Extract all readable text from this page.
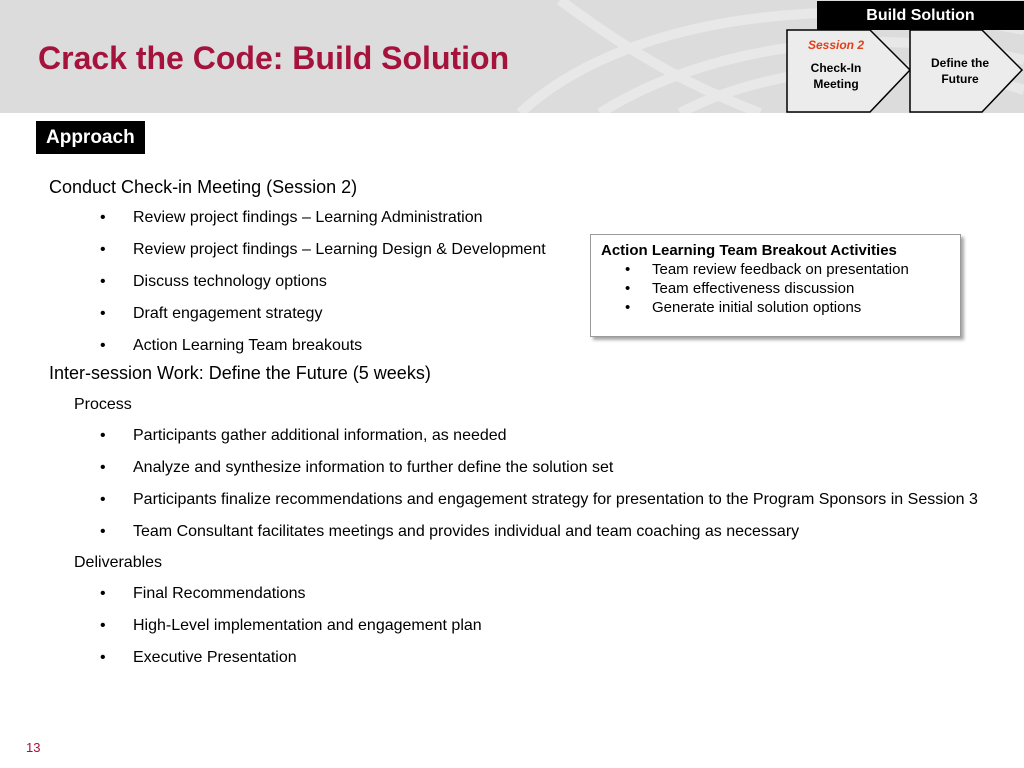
Crack the Code: Build Solution
Build Solution
Session 2
Check-In
Meeting
Define the
Future
Approach

Conduct Check-in Meeting (Session 2)

• Review project findings – Learning Administration
• Review project findings – Learning Design & Development
• Discuss technology options
• Draft engagement strategy
• Action Learning Team breakouts

Inter-session Work: Define the Future (5 weeks)

Process

• Participants gather additional information, as needed
• Analyze and synthesize information to further define the solution set
• Participants finalize recommendations and engagement strategy for presentation to the Program Sponsors in Session 3
• Team Consultant facilitates meetings and provides individual and team coaching as necessary

Deliverables

• Final Recommendations
• High-Level implementation and engagement plan
• Executive Presentation
Action Learning Team Breakout Activities
• Team review feedback on presentation
• Team effectiveness discussion
• Generate initial solution options
13
